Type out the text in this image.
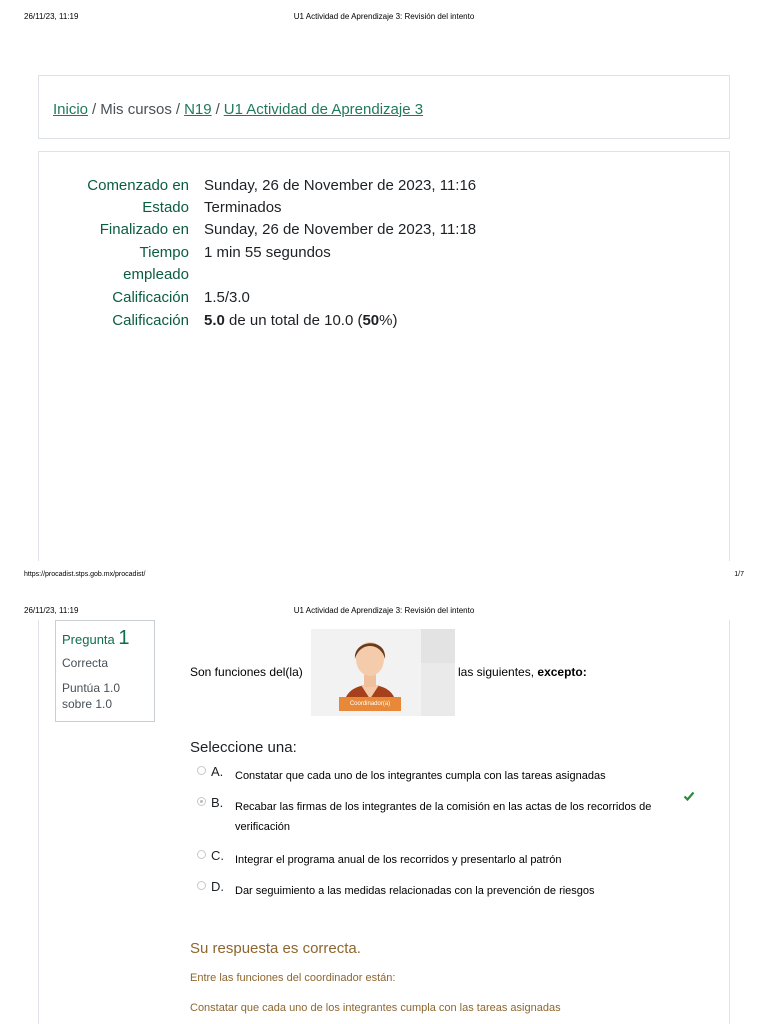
26/11/23, 11:19	U1 Actividad de Aprendizaje 3: Revisión del intento
Inicio / Mis cursos / N19 / U1 Actividad de Aprendizaje 3
Comenzado en Sunday, 26 de November de 2023, 11:16
Estado Terminados
Finalizado en Sunday, 26 de November de 2023, 11:18
Tiempo
empleado
1 min 55 segundos
Calificación 1.5/3.0
Calificación 5.0 de un total de 10.0 (50%)
https://procadist.stps.gob.mx/procadist/	1/7
26/11/23, 11:19	U1 Actividad de Aprendizaje 3: Revisión del intento
Pregunta 1
Correcta
Puntúa 1.0
sobre 1.0
Son funciones del(la)
Coordinador(a)
las siguientes, excepto:
Seleccione una:
A. Constatar que cada uno de los integrantes cumpla con las tareas asignadas
B. Recabar las firmas de los integrantes de la comisión en las actas de los recorridos de verificación
C. Integrar el programa anual de los recorridos y presentarlo al patrón
D. Dar seguimiento a las medidas relacionadas con la prevención de riesgos
Su respuesta es correcta.
Entre las funciones del coordinador están:
Constatar que cada uno de los integrantes cumpla con las tareas asignadas
